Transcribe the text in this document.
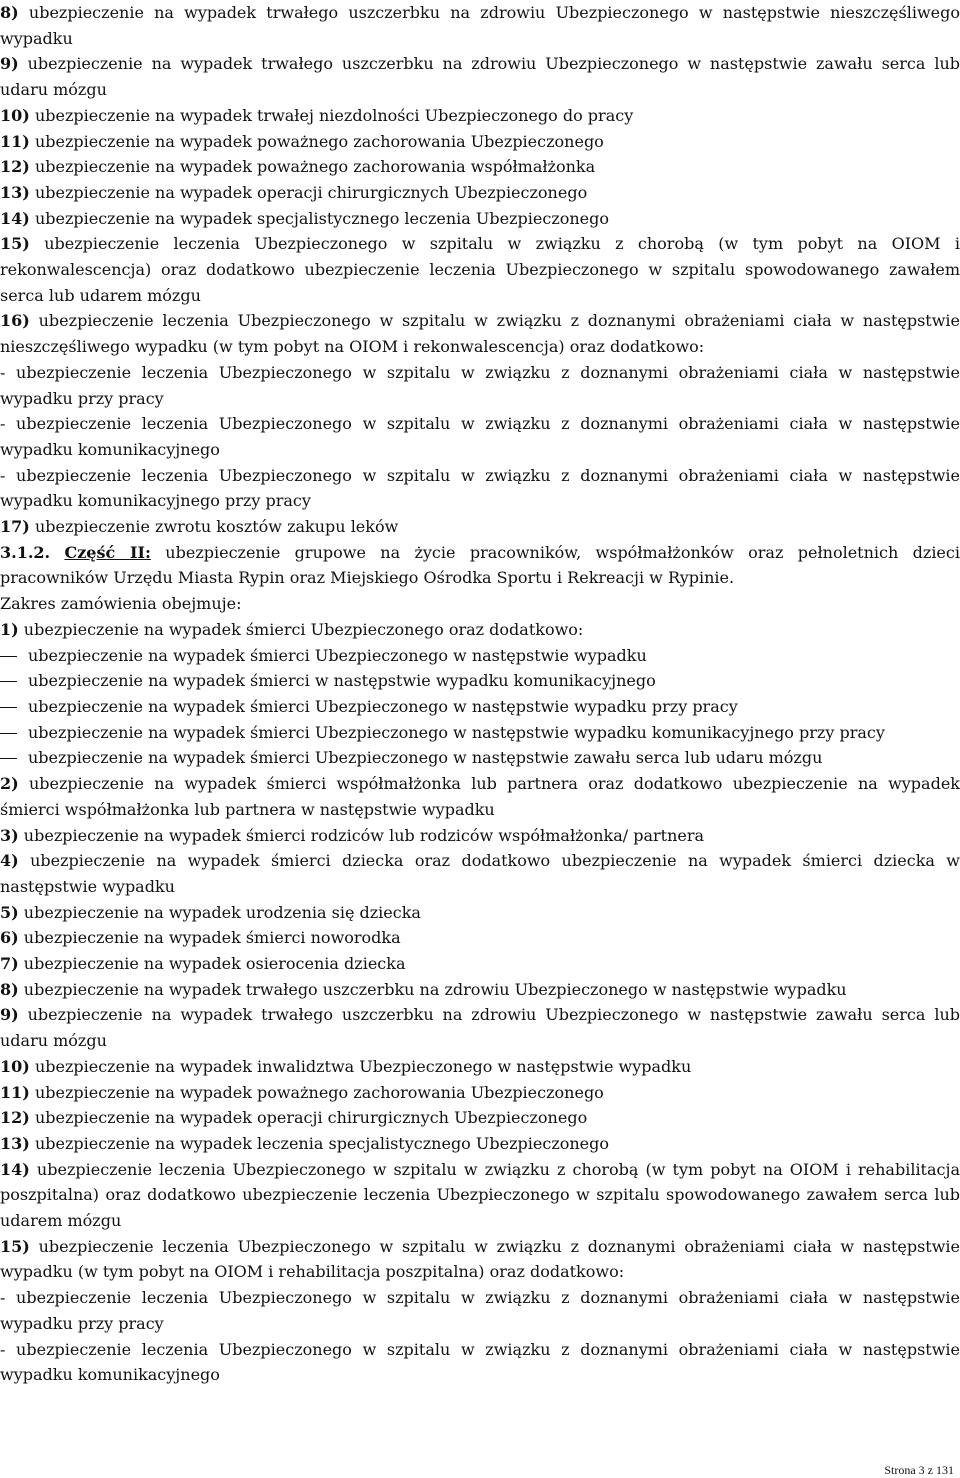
8) ubezpieczenie na wypadek trwałego uszczerbku na zdrowiu Ubezpieczonego w następstwie nieszczęśliwego wypadku
9) ubezpieczenie na wypadek trwałego uszczerbku na zdrowiu Ubezpieczonego w następstwie zawału serca lub udaru mózgu
10) ubezpieczenie na wypadek trwałej niezdolności Ubezpieczonego do pracy
11) ubezpieczenie na wypadek poważnego zachorowania Ubezpieczonego
12) ubezpieczenie na wypadek poważnego zachorowania współmałżonka
13) ubezpieczenie na wypadek operacji chirurgicznych Ubezpieczonego
14) ubezpieczenie na wypadek specjalistycznego leczenia Ubezpieczonego
15) ubezpieczenie leczenia Ubezpieczonego w szpitalu w związku z chorobą (w tym pobyt na OIOM i rekonwalescencja) oraz dodatkowo ubezpieczenie leczenia Ubezpieczonego w szpitalu spowodowanego zawałem serca lub udarem mózgu
16) ubezpieczenie leczenia Ubezpieczonego w szpitalu w związku z doznanymi obrażeniami ciała w następstwie nieszczęśliwego wypadku (w tym pobyt na OIOM i rekonwalescencja) oraz dodatkowo:
- ubezpieczenie leczenia Ubezpieczonego w szpitalu w związku z doznanymi obrażeniami ciała w następstwie wypadku przy pracy
- ubezpieczenie leczenia Ubezpieczonego w szpitalu w związku z doznanymi obrażeniami ciała w następstwie wypadku komunikacyjnego
- ubezpieczenie leczenia Ubezpieczonego w szpitalu w związku z doznanymi obrażeniami ciała w następstwie wypadku komunikacyjnego przy pracy
17) ubezpieczenie zwrotu kosztów zakupu leków
3.1.2. Część II: ubezpieczenie grupowe na życie pracowników, współmałżonków oraz pełnoletnich dzieci pracowników Urzędu Miasta Rypin oraz Miejskiego Ośrodka Sportu i Rekreacji w Rypinie.
Zakres zamówienia obejmuje:
1) ubezpieczenie na wypadek śmierci Ubezpieczonego oraz dodatkowo:
ubezpieczenie na wypadek śmierci Ubezpieczonego w następstwie wypadku
ubezpieczenie na wypadek śmierci w następstwie wypadku komunikacyjnego
ubezpieczenie na wypadek śmierci Ubezpieczonego w następstwie wypadku przy pracy
ubezpieczenie na wypadek śmierci Ubezpieczonego w następstwie wypadku komunikacyjnego przy pracy
ubezpieczenie na wypadek śmierci Ubezpieczonego w następstwie zawału serca lub udaru mózgu
2) ubezpieczenie na wypadek śmierci współmałżonka lub partnera oraz dodatkowo ubezpieczenie na wypadek śmierci współmałżonka lub partnera w następstwie wypadku
3) ubezpieczenie na wypadek śmierci rodziców lub rodziców współmałżonka/ partnera
4) ubezpieczenie na wypadek śmierci dziecka oraz dodatkowo ubezpieczenie na wypadek śmierci dziecka w następstwie wypadku
5) ubezpieczenie na wypadek urodzenia się dziecka
6) ubezpieczenie na wypadek śmierci noworodka
7) ubezpieczenie na wypadek osierocenia dziecka
8) ubezpieczenie na wypadek trwałego uszczerbku na zdrowiu Ubezpieczonego w następstwie wypadku
9) ubezpieczenie na wypadek trwałego uszczerbku na zdrowiu Ubezpieczonego w następstwie zawału serca lub udaru mózgu
10) ubezpieczenie na wypadek inwalidztwa Ubezpieczonego w następstwie wypadku
11) ubezpieczenie na wypadek poważnego zachorowania Ubezpieczonego
12) ubezpieczenie na wypadek operacji chirurgicznych Ubezpieczonego
13) ubezpieczenie na wypadek leczenia specjalistycznego Ubezpieczonego
14) ubezpieczenie leczenia Ubezpieczonego w szpitalu w związku z chorobą (w tym pobyt na OIOM i rehabilitacja poszpitalna) oraz dodatkowo ubezpieczenie leczenia Ubezpieczonego w szpitalu spowodowanego zawałem serca lub udarem mózgu
15) ubezpieczenie leczenia Ubezpieczonego w szpitalu w związku z doznanymi obrażeniami ciała w następstwie wypadku (w tym pobyt na OIOM i rehabilitacja poszpitalna) oraz dodatkowo:
- ubezpieczenie leczenia Ubezpieczonego w szpitalu w związku z doznanymi obrażeniami ciała w następstwie wypadku przy pracy
- ubezpieczenie leczenia Ubezpieczonego w szpitalu w związku z doznanymi obrażeniami ciała w następstwie wypadku komunikacyjnego
Strona 3 z 131
